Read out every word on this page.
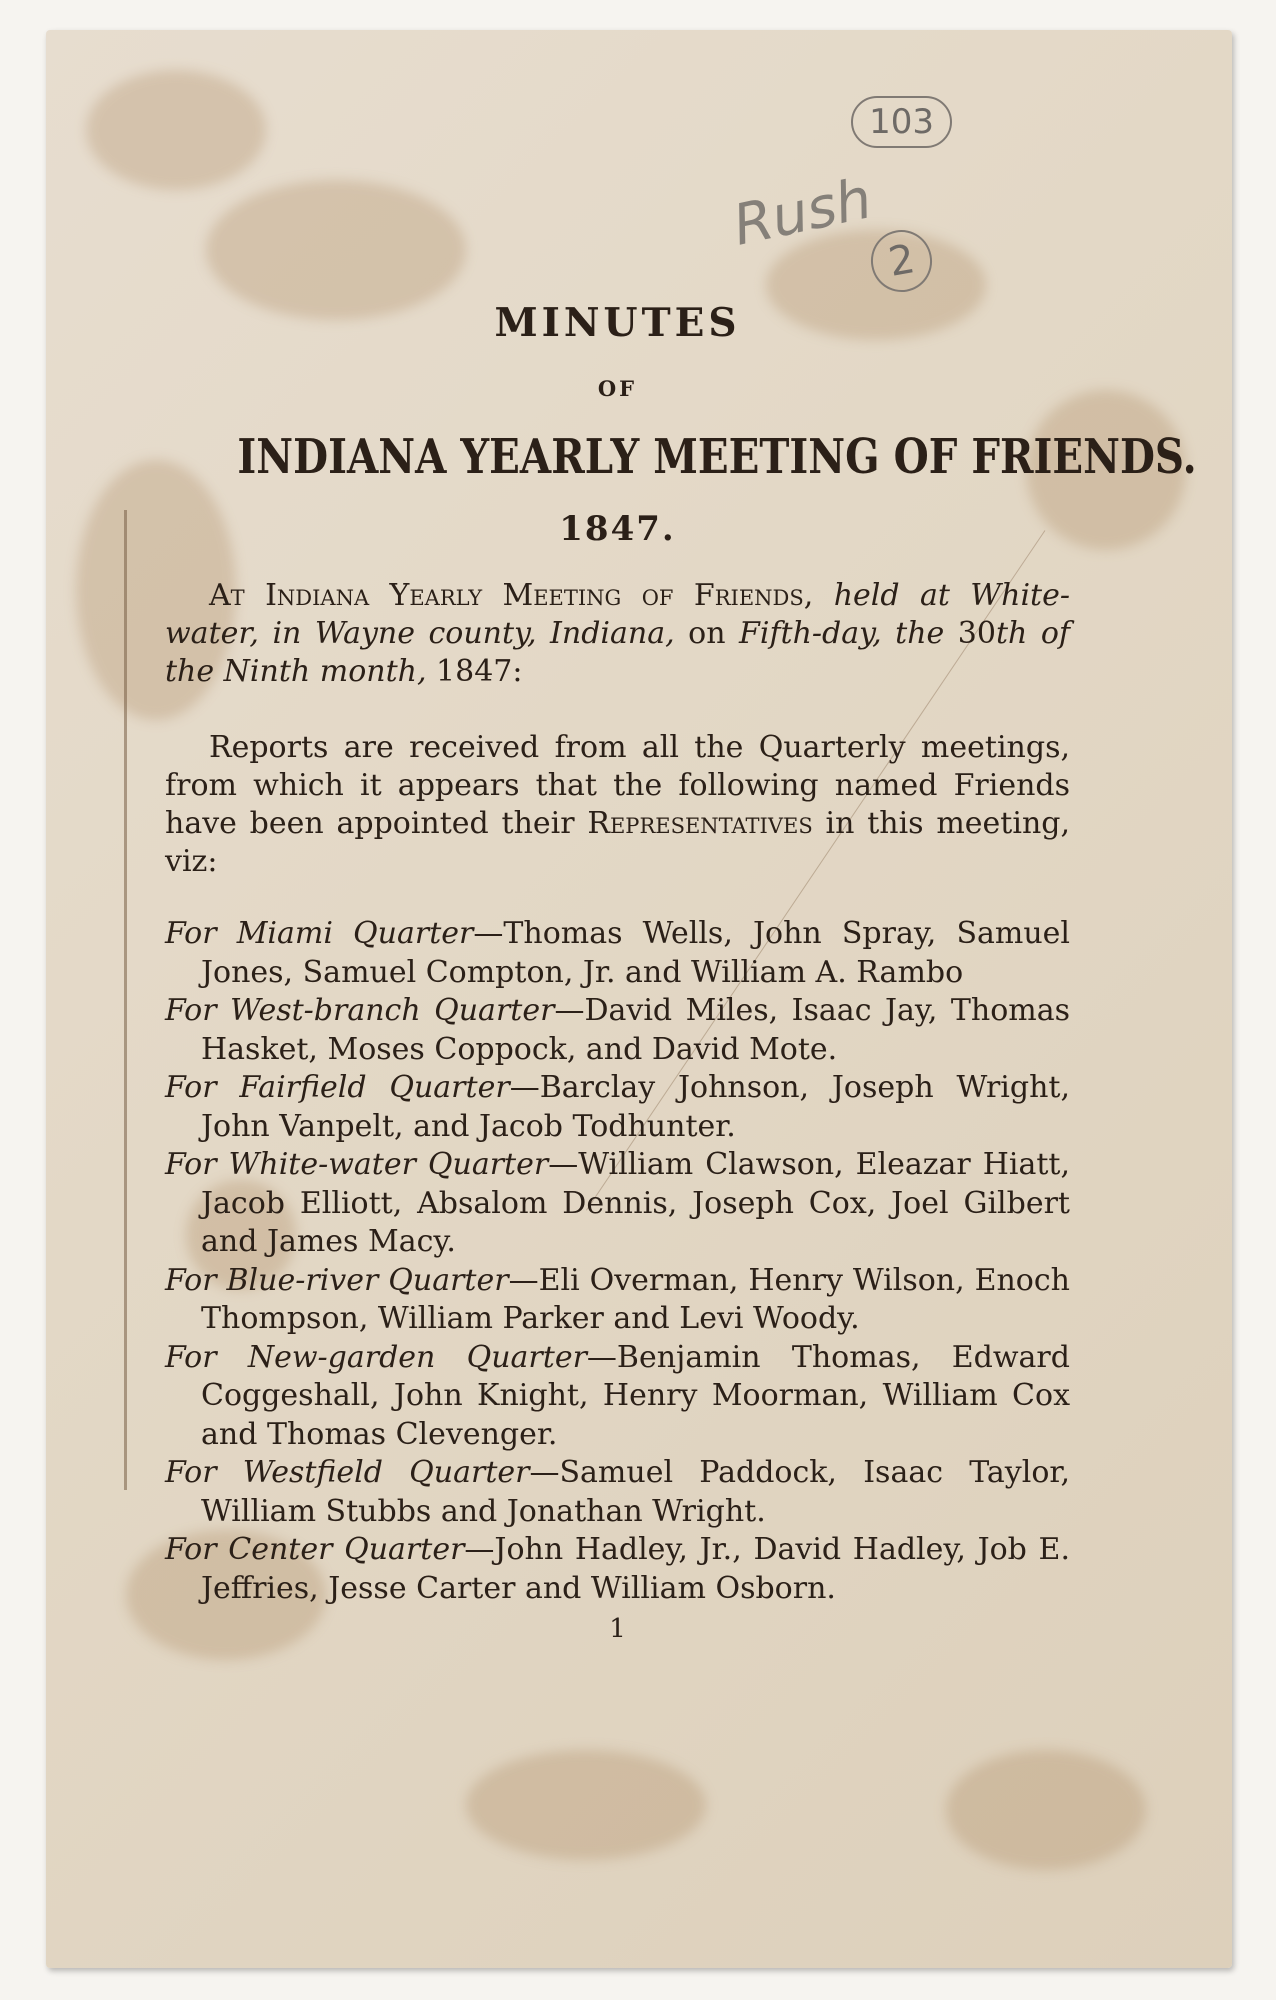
103
Rush
2
MINUTES
OF
INDIANA YEARLY MEETING OF FRIENDS.
1847.

At Indiana Yearly Meeting of Friends, held at White-water, in Wayne county, Indiana, on Fifth-day, the 30th of the Ninth month, 1847:

Reports are received from all the Quarterly meetings, from which it appears that the following named Friends have been appointed their Representatives in this meeting, viz:

For Miami Quarter—Thomas Wells, John Spray, Samuel Jones, Samuel Compton, Jr. and William A. Rambo

For West-branch Quarter—David Miles, Isaac Jay, Thomas Hasket, Moses Coppock, and David Mote.

For Fairfield Quarter—Barclay Johnson, Joseph Wright, John Vanpelt, and Jacob Todhunter.

For White-water Quarter—William Clawson, Eleazar Hiatt, Jacob Elliott, Absalom Dennis, Joseph Cox, Joel Gilbert and James Macy.

For Blue-river Quarter—Eli Overman, Henry Wilson, Enoch Thompson, William Parker and Levi Woody.

For New-garden Quarter—Benjamin Thomas, Edward Coggeshall, John Knight, Henry Moorman, William Cox and Thomas Clevenger.

For Westfield Quarter—Samuel Paddock, Isaac Taylor, William Stubbs and Jonathan Wright.

For Center Quarter—John Hadley, Jr., David Hadley, Job E. Jeffries, Jesse Carter and William Osborn.

1
